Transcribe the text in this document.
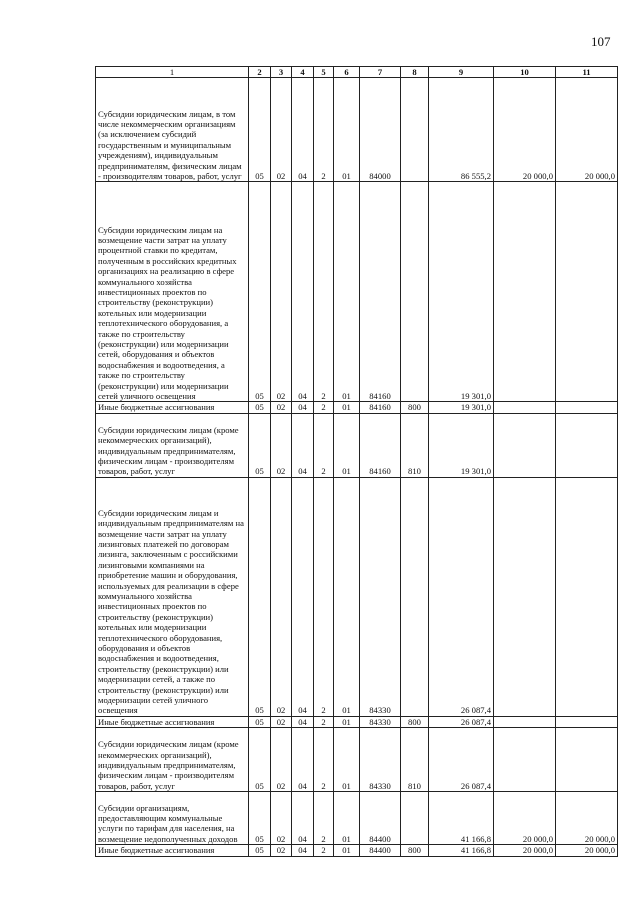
107
1	2	3	4	5	6	7	8	9	10	11
Субсидии юридическим лицам, в том числе некоммерческим организациям (за исключением субсидий государственным и муниципальным учреждениям), индивидуальным предпринимателям, физическим лицам - производителям товаров, работ, услуг	05	02	04	2	01	84000		86 555,2	20 000,0	20 000,0
Субсидии юридическим лицам на возмещение части затрат на уплату процентной ставки по кредитам, полученным в российских кредитных организациях на реализацию в сфере коммунального хозяйства инвестиционных проектов по строительству (реконструкции) котельных или модернизации теплотехнического оборудования, а также по строительству (реконструкции) или модернизации сетей, оборудования и объектов водоснабжения и водоотведения, а также по строительству (реконструкции) или модернизации сетей уличного освещения	05	02	04	2	01	84160		19 301,0		
Иные бюджетные ассигнования	05	02	04	2	01	84160	800	19 301,0		
Субсидии юридическим лицам (кроме некоммерческих организаций), индивидуальным предпринимателям, физическим лицам - производителям товаров, работ, услуг	05	02	04	2	01	84160	810	19 301,0		
Субсидии юридическим лицам и индивидуальным предпринимателям на возмещение части затрат на уплату лизинговых платежей по договорам лизинга, заключенным с российскими лизинговыми компаниями на приобретение машин и оборудования, используемых для реализации в сфере коммунального хозяйства инвестиционных проектов по строительству (реконструкции) котельных или модернизации теплотехнического оборудования, оборудования и объектов водоснабжения и водоотведения, строительству (реконструкции) или модернизации сетей, а также по строительству (реконструкции) или модернизации сетей уличного освещения	05	02	04	2	01	84330		26 087,4		
Иные бюджетные ассигнования	05	02	04	2	01	84330	800	26 087,4		
Субсидии юридическим лицам (кроме некоммерческих организаций), индивидуальным предпринимателям, физическим лицам - производителям товаров, работ, услуг	05	02	04	2	01	84330	810	26 087,4		
Субсидии организациям, предоставляющим коммунальные услуги по тарифам для населения, на возмещение недополученных доходов	05	02	04	2	01	84400		41 166,8	20 000,0	20 000,0
Иные бюджетные ассигнования	05	02	04	2	01	84400	800	41 166,8	20 000,0	20 000,0
